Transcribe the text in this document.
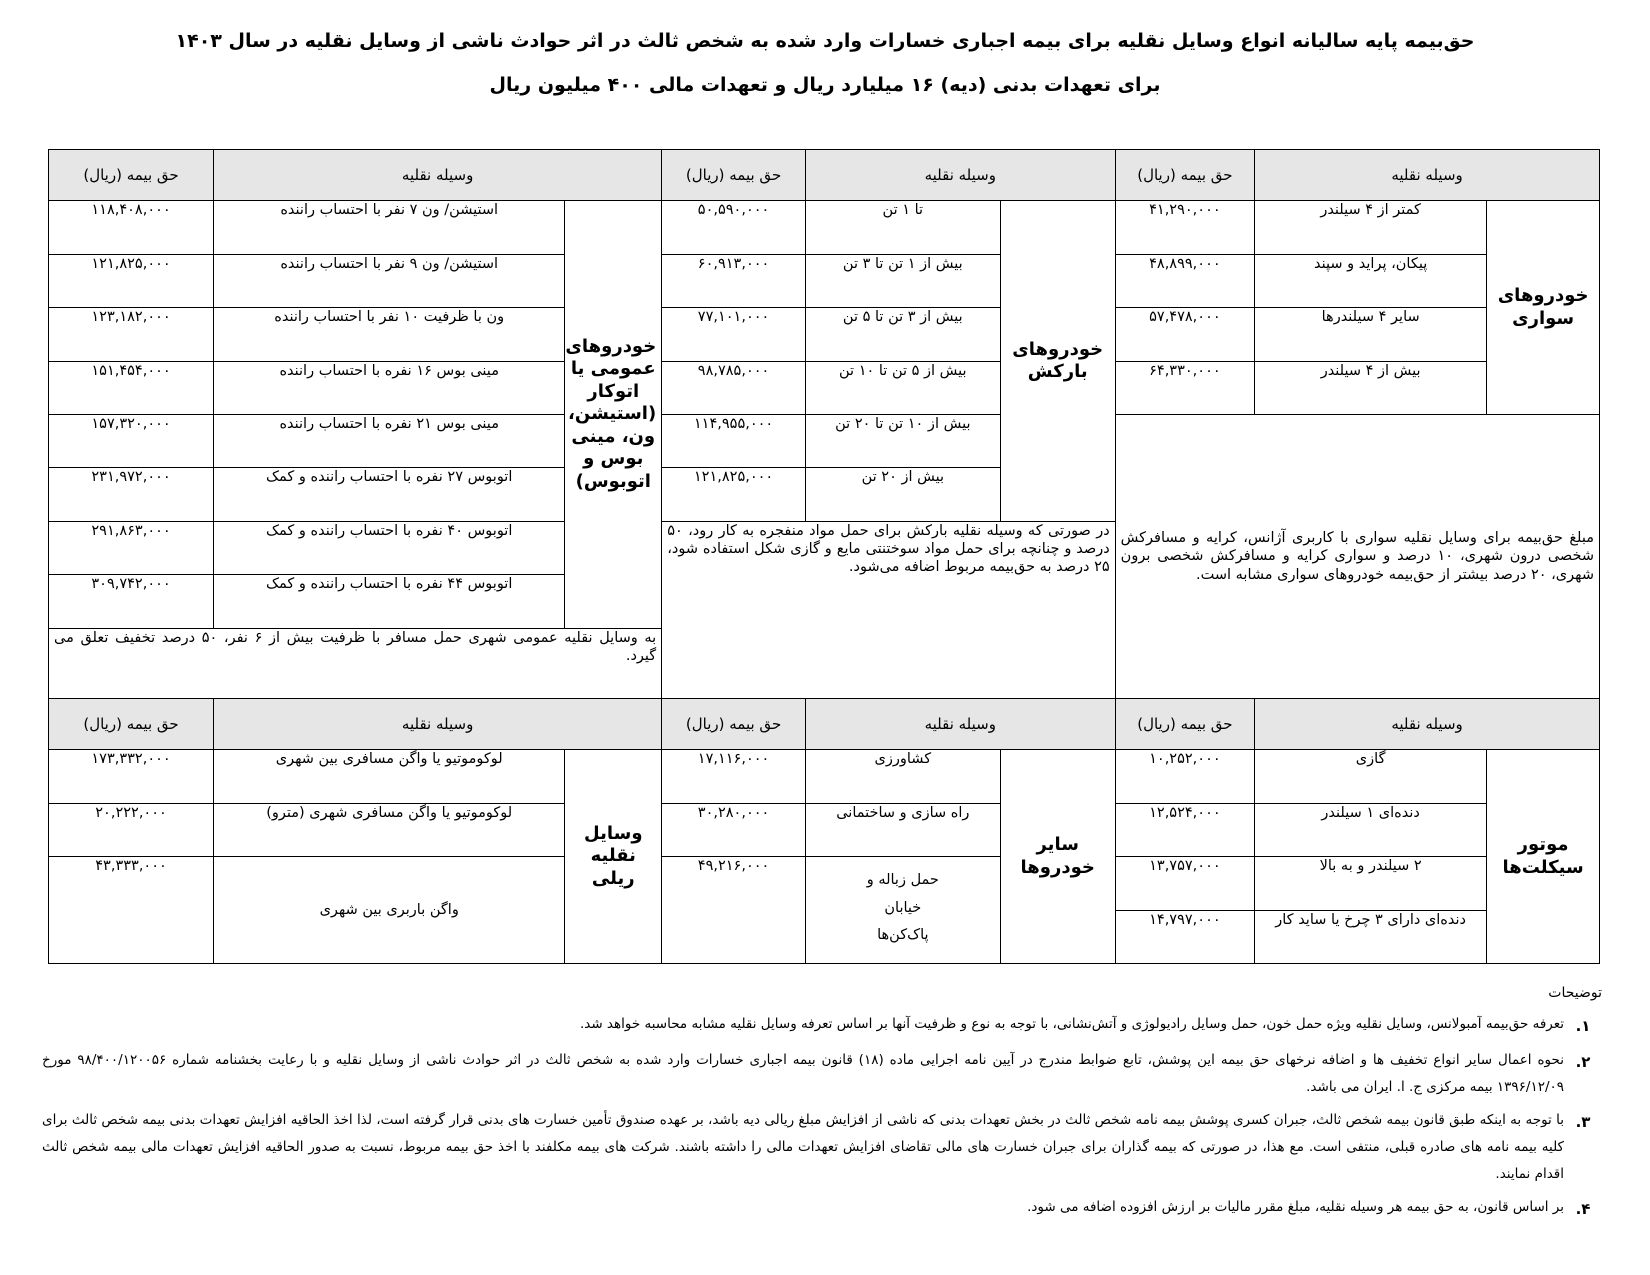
حق‌بیمه پایه سالیانه انواع وسایل نقلیه برای بیمه اجباری خسارات وارد شده به شخص ثالث در اثر حوادث ناشی از وسایل نقلیه در سال ۱۴۰۳
برای تعهدات بدنی (دیه) ۱۶ میلیارد ریال و تعهدات مالی ۴۰۰ میلیون ریال
وسیله نقلیه		حق بیمه (ریال)	وسیله نقلیه		حق بیمه (ریال)	وسیله نقلیه		حق بیمه (ریال)
خودروهای سواری	کمتر از ۴ سیلندر	۴۱,۲۹۰,۰۰۰	خودروهای بارکش	تا ۱ تن	۵۰,۵۹۰,۰۰۰	خودروهای عمومی یا اتوکار (استیشن، ون، مینی بوس و اتوبوس)	استیشن/ ون ۷ نفر با احتساب راننده	۱۱۸,۴۰۸,۰۰۰
	پیکان، پراید و سپند	۴۸,۸۹۹,۰۰۰		بیش از ۱ تن تا ۳ تن	۶۰,۹۱۳,۰۰۰		استیشن/ ون ۹ نفر با احتساب راننده	۱۲۱,۸۲۵,۰۰۰
	سایر ۴ سیلندرها	۵۷,۴۷۸,۰۰۰		بیش از ۳ تن تا ۵ تن	۷۷,۱۰۱,۰۰۰		ون با ظرفیت ۱۰ نفر با احتساب راننده	۱۲۳,۱۸۲,۰۰۰
	بیش از ۴ سیلندر	۶۴,۳۳۰,۰۰۰		بیش از ۵ تن تا ۱۰ تن	۹۸,۷۸۵,۰۰۰		مینی بوس ۱۶ نفره با احتساب راننده	۱۵۱,۴۵۴,۰۰۰
مبلغ حق‌بیمه برای وسایل نقلیه سواری با کاربری آژانس، کرایه و مسافرکش شخصی درون شهری، ۱۰ درصد و سواری کرایه و مسافرکش شخصی برون شهری، ۲۰ درصد بیشتر از حق‌بیمه خودروهای سواری مشابه است.				بیش از ۱۰ تن تا ۲۰ تن	۱۱۴,۹۵۵,۰۰۰		مینی بوس ۲۱ نفره با احتساب راننده	۱۵۷,۳۲۰,۰۰۰
				بیش از ۲۰ تن	۱۲۱,۸۲۵,۰۰۰		اتوبوس ۲۷ نفره با احتساب راننده و کمک	۲۳۱,۹۷۲,۰۰۰
			در صورتی که وسیله نقلیه بارکش برای حمل مواد منفجره به کار رود، ۵۰ درصد و چنانچه برای حمل مواد سوختنتی مایع و گازی شکل استفاده شود، ۲۵ درصد به حق‌بیمه مربوط اضافه می‌شود.				اتوبوس ۴۰ نفره با احتساب راننده و کمک	۲۹۱,۸۶۳,۰۰۰
							اتوبوس ۴۴ نفره با احتساب راننده و کمک	۳۰۹,۷۴۲,۰۰۰
						به وسایل نقلیه عمومی شهری حمل مسافر با ظرفیت بیش از ۶ نفر، ۵۰ درصد تخفیف تعلق می گیرد.		
وسیله نقلیه		حق بیمه (ریال)	وسیله نقلیه		حق بیمه (ریال)	وسیله نقلیه		حق بیمه (ریال)
موتور سیکلت‌ها	گازی	۱۰,۲۵۲,۰۰۰	سایر خودروها	کشاورزی	۱۷,۱۱۶,۰۰۰	وسایل نقلیه ریلی	لوکوموتیو یا واگن مسافری بین شهری	۱۷۳,۳۳۲,۰۰۰
	دنده‌ای ۱ سیلندر	۱۲,۵۲۴,۰۰۰		راه سازی و ساختمانی	۳۰,۲۸۰,۰۰۰		لوکوموتیو یا واگن مسافری شهری (مترو)	۲۰,۲۲۲,۰۰۰
	۲ سیلندر و به بالا	۱۳,۷۵۷,۰۰۰		حمل زباله و خیابان پاک‌کن‌ها	۴۹,۲۱۶,۰۰۰		واگن باربری بین شهری	۴۳,۳۳۳,۰۰۰
	دنده‌ای دارای ۳ چرخ یا ساید کار	۱۴,۷۹۷,۰۰۰						
توضیحات
۱.
تعرفه حق‌بیمه آمبولانس، وسایل نقلیه ویژه حمل خون، حمل وسایل رادیولوژی و آتش‌نشانی، با توجه به نوع و ظرفیت آنها بر اساس تعرفه وسایل نقلیه مشابه محاسبه خواهد شد.
۲.
نحوه اعمال سایر انواع تخفیف ها و اضافه نرخهای حق بیمه این پوشش، تابع ضوابط مندرج در آیین نامه اجرایی ماده (۱۸) قانون بیمه اجباری خسارات وارد شده به شخص ثالث در اثر حوادث ناشی از وسایل نقلیه و با رعایت بخشنامه شماره ۹۸/۴۰۰/۱۲۰۰۵۶ مورخ ۱۳۹۶/۱۲/۰۹ بیمه مرکزی ج. ا. ایران می باشد.
۳.
با توجه به اینکه طبق قانون بیمه شخص ثالث، جبران کسری پوشش بیمه نامه شخص ثالث در بخش تعهدات بدنی که ناشی از افزایش مبلغ ریالی دیه باشد، بر عهده صندوق تأمین خسارت های بدنی قرار گرفته است، لذا اخذ الحاقیه افزایش تعهدات بدنی بیمه شخص ثالث برای کلیه بیمه نامه های صادره قبلی، منتفی است. مع هذا، در صورتی که بیمه گذاران برای جبران خسارت های مالی تقاضای افزایش تعهدات مالی را داشته باشند. شرکت های بیمه مکلفند با اخذ حق بیمه مربوط، نسبت به صدور الحاقیه افزایش تعهدات مالی بیمه شخص ثالث اقدام نمایند.
۴.
بر اساس قانون، به حق بیمه هر وسیله نقلیه، مبلغ مقرر مالیات بر ارزش افزوده اضافه می شود.
